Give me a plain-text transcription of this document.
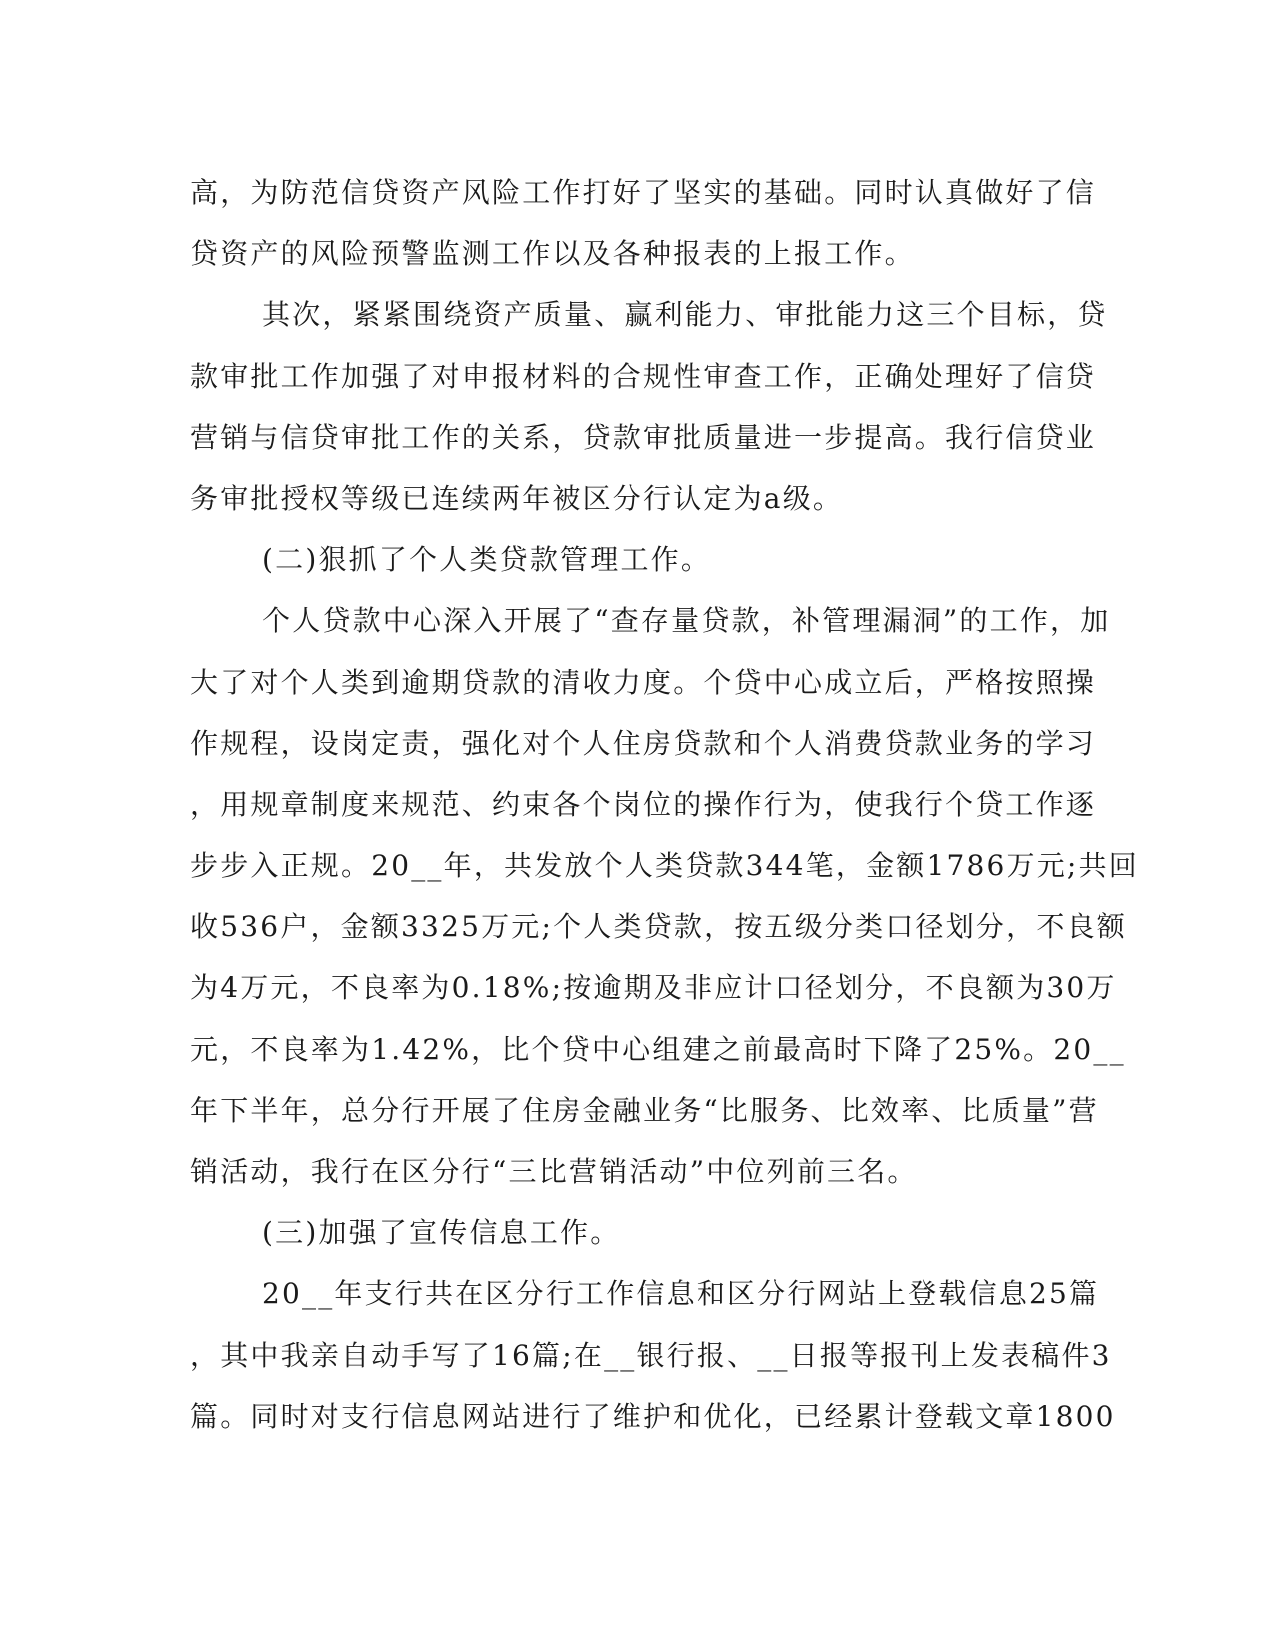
高，为防范信贷资产风险工作打好了坚实的基础。同时认真做好了信
贷资产的风险预警监测工作以及各种报表的上报工作。
其次，紧紧围绕资产质量、赢利能力、审批能力这三个目标，贷
款审批工作加强了对申报材料的合规性审查工作，正确处理好了信贷
营销与信贷审批工作的关系，贷款审批质量进一步提高。我行信贷业
务审批授权等级已连续两年被区分行认定为a级。
(二)狠抓了个人类贷款管理工作。
个人贷款中心深入开展了“查存量贷款，补管理漏洞”的工作，加
大了对个人类到逾期贷款的清收力度。个贷中心成立后，严格按照操
作规程，设岗定责，强化对个人住房贷款和个人消费贷款业务的学习
，用规章制度来规范、约束各个岗位的操作行为，使我行个贷工作逐
步步入正规。20__年，共发放个人类贷款344笔，金额1786万元;共回
收536户，金额3325万元;个人类贷款，按五级分类口径划分，不良额
为4万元，不良率为0.18%;按逾期及非应计口径划分，不良额为30万
元，不良率为1.42%，比个贷中心组建之前最高时下降了25%。20__
年下半年，总分行开展了住房金融业务“比服务、比效率、比质量”营
销活动，我行在区分行“三比营销活动”中位列前三名。
(三)加强了宣传信息工作。
20__年支行共在区分行工作信息和区分行网站上登载信息25篇
，其中我亲自动手写了16篇;在__银行报、__日报等报刊上发表稿件3
篇。同时对支行信息网站进行了维护和优化，已经累计登载文章1800
